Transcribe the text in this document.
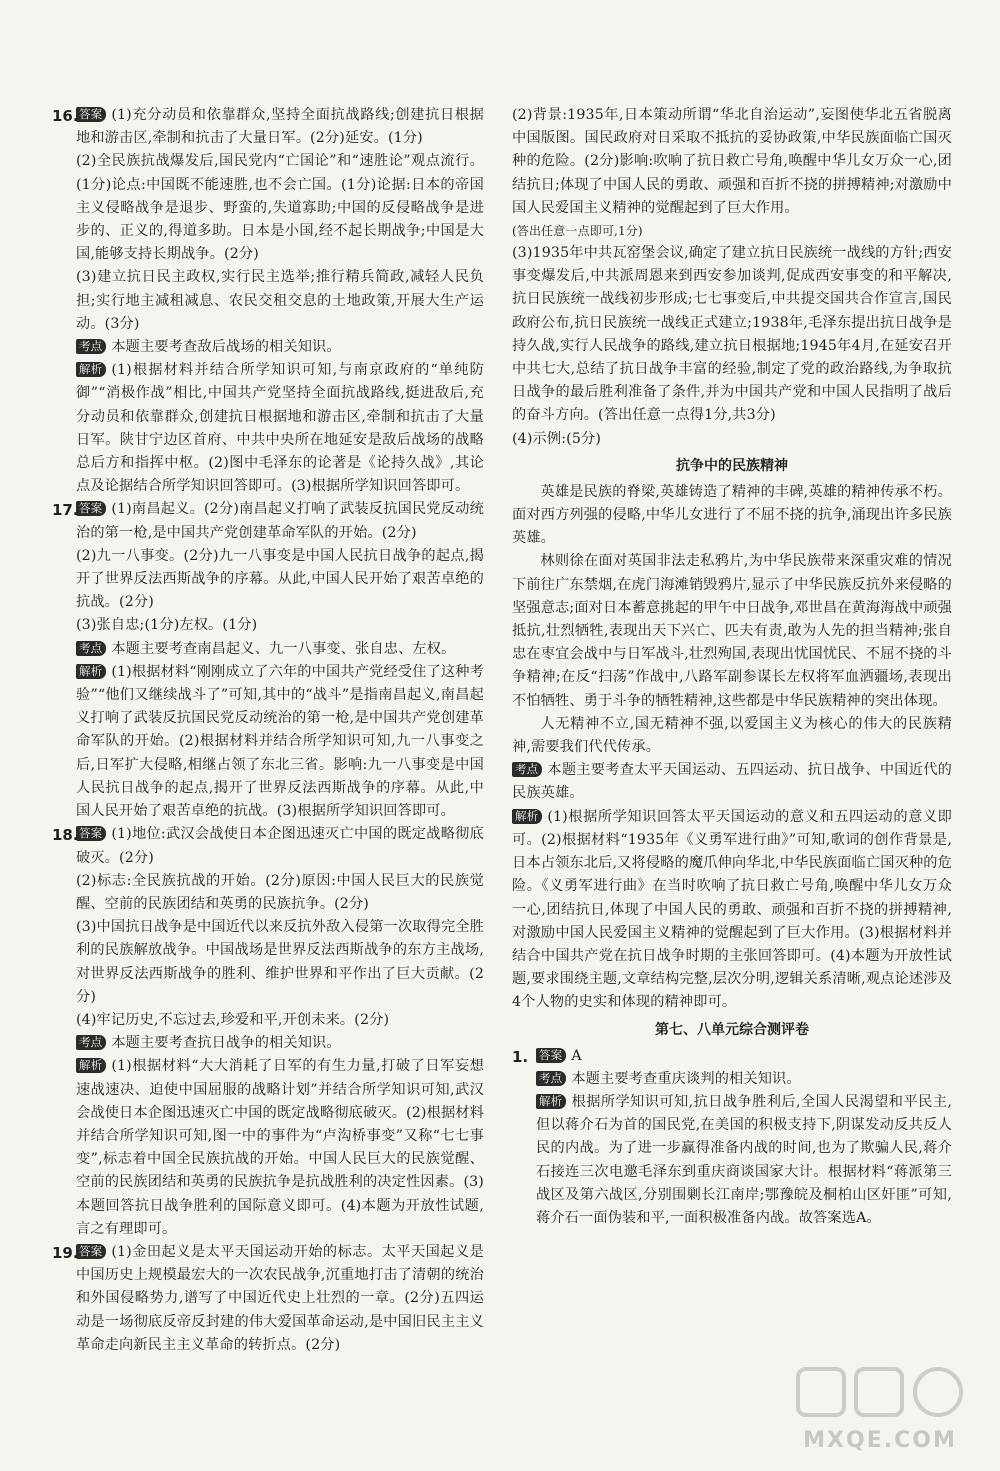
16. 答案 (1)充分动员和依靠群众,坚持全面抗战路线;创建抗日根据地和游击区,牵制和抗击了大量日军。(2分)延安。(1分)

(2)全民族抗战爆发后,国民党内“亡国论”和“速胜论”观点流行。(1分)论点:中国既不能速胜,也不会亡国。(1分)论据:日本的帝国主义侵略战争是退步、野蛮的,失道寡助;中国的反侵略战争是进步的、正义的,得道多助。日本是小国,经不起长期战争;中国是大国,能够支持长期战争。(2分)

(3)建立抗日民主政权,实行民主选举;推行精兵简政,减轻人民负担;实行地主减租减息、农民交租交息的土地政策,开展大生产运动。(3分)

考点 本题主要考查敌后战场的相关知识。

解析 (1)根据材料并结合所学知识可知,与南京政府的“单纯防御”“消极作战”相比,中国共产党坚持全面抗战路线,挺进敌后,充分动员和依靠群众,创建抗日根据地和游击区,牵制和抗击了大量日军。陕甘宁边区首府、中共中央所在地延安是敌后战场的战略总后方和指挥中枢。(2)图中毛泽东的论著是《论持久战》,其论点及论据结合所学知识回答即可。(3)根据所学知识回答即可。

17. 答案 (1)南昌起义。(2分)南昌起义打响了武装反抗国民党反动统治的第一枪,是中国共产党创建革命军队的开始。(2分)

(2)九一八事变。(2分)九一八事变是中国人民抗日战争的起点,揭开了世界反法西斯战争的序幕。从此,中国人民开始了艰苦卓绝的抗战。(2分)

(3)张自忠;(1分)左权。(1分)

考点 本题主要考查南昌起义、九一八事变、张自忠、左权。

解析 (1)根据材料“刚刚成立了六年的中国共产党经受住了这种考验”“他们又继续战斗了”可知,其中的“战斗”是指南昌起义,南昌起义打响了武装反抗国民党反动统治的第一枪,是中国共产党创建革命军队的开始。(2)根据材料并结合所学知识可知,九一八事变之后,日军扩大侵略,相继占领了东北三省。影响:九一八事变是中国人民抗日战争的起点,揭开了世界反法西斯战争的序幕。从此,中国人民开始了艰苦卓绝的抗战。(3)根据所学知识回答即可。

18. 答案 (1)地位:武汉会战使日本企图迅速灭亡中国的既定战略彻底破灭。(2分)

(2)标志:全民族抗战的开始。(2分)原因:中国人民巨大的民族觉醒、空前的民族团结和英勇的民族抗争。(2分)

(3)中国抗日战争是中国近代以来反抗外敌入侵第一次取得完全胜利的民族解放战争。中国战场是世界反法西斯战争的东方主战场,对世界反法西斯战争的胜利、维护世界和平作出了巨大贡献。(2分)

(4)牢记历史,不忘过去,珍爱和平,开创未来。(2分)

考点 本题主要考查抗日战争的相关知识。

解析 (1)根据材料“大大消耗了日军的有生力量,打破了日军妄想速战速决、迫使中国屈服的战略计划”并结合所学知识可知,武汉会战使日本企图迅速灭亡中国的既定战略彻底破灭。(2)根据材料并结合所学知识可知,图一中的事件为“卢沟桥事变”又称“七七事变”,标志着中国全民族抗战的开始。中国人民巨大的民族觉醒、空前的民族团结和英勇的民族抗争是抗战胜利的决定性因素。(3)本题回答抗日战争胜利的国际意义即可。(4)本题为开放性试题,言之有理即可。

19. 答案 (1)金田起义是太平天国运动开始的标志。太平天国起义是中国历史上规模最宏大的一次农民战争,沉重地打击了清朝的统治和外国侵略势力,谱写了中国近代史上壮烈的一章。(2分)五四运动是一场彻底反帝反封建的伟大爱国革命运动,是中国旧民主主义革命走向新民主主义革命的转折点。(2分)

(2)背景:1935年,日本策动所谓“华北自治运动”,妄图使华北五省脱离中国版图。国民政府对日采取不抵抗的妥协政策,中华民族面临亡国灭种的危险。(2分)影响:吹响了抗日救亡号角,唤醒中华儿女万众一心,团结抗日;体现了中国人民的勇敢、顽强和百折不挠的拼搏精神;对激励中国人民爱国主义精神的觉醒起到了巨大作用。

(答出任意一点即可,1分)

(3)1935年中共瓦窑堡会议,确定了建立抗日民族统一战线的方针;西安事变爆发后,中共派周恩来到西安参加谈判,促成西安事变的和平解决,抗日民族统一战线初步形成;七七事变后,中共提交国共合作宣言,国民政府公布,抗日民族统一战线正式建立;1938年,毛泽东提出抗日战争是持久战,实行人民战争的路线,建立抗日根据地;1945年4月,在延安召开中共七大,总结了抗日战争丰富的经验,制定了党的政治路线,为争取抗日战争的最后胜利准备了条件,并为中国共产党和中国人民指明了战后的奋斗方向。(答出任意一点得1分,共3分)

(4)示例:(5分)

抗争中的民族精神

英雄是民族的脊梁,英雄铸造了精神的丰碑,英雄的精神传承不朽。面对西方列强的侵略,中华儿女进行了不屈不挠的抗争,涌现出许多民族英雄。

林则徐在面对英国非法走私鸦片,为中华民族带来深重灾难的情况下前往广东禁烟,在虎门海滩销毁鸦片,显示了中华民族反抗外来侵略的坚强意志;面对日本蓄意挑起的甲午中日战争,邓世昌在黄海海战中顽强抵抗,壮烈牺牲,表现出天下兴亡、匹夫有责,敢为人先的担当精神;张自忠在枣宜会战中与日军战斗,壮烈殉国,表现出忧国忧民、不屈不挠的斗争精神;在反“扫荡”作战中,八路军副参谋长左权将军血洒疆场,表现出不怕牺牲、勇于斗争的牺牲精神,这些都是中华民族精神的突出体现。

人无精神不立,国无精神不强,以爱国主义为核心的伟大的民族精神,需要我们代代传承。

考点 本题主要考查太平天国运动、五四运动、抗日战争、中国近代的民族英雄。

解析 (1)根据所学知识回答太平天国运动的意义和五四运动的意义即可。(2)根据材料“1935年《义勇军进行曲》”可知,歌词的创作背景是,日本占领东北后,又将侵略的魔爪伸向华北,中华民族面临亡国灭种的危险。《义勇军进行曲》在当时吹响了抗日救亡号角,唤醒中华儿女万众一心,团结抗日,体现了中国人民的勇敢、顽强和百折不挠的拼搏精神,对激励中国人民爱国主义精神的觉醒起到了巨大作用。(3)根据材料并结合中国共产党在抗日战争时期的主张回答即可。(4)本题为开放性试题,要求围绕主题,文章结构完整,层次分明,逻辑关系清晰,观点论述涉及4个人物的史实和体现的精神即可。

第七、八单元综合测评卷
1. 答案 A

考点 本题主要考查重庆谈判的相关知识。

解析 根据所学知识可知,抗日战争胜利后,全国人民渴望和平民主,但以蒋介石为首的国民党,在美国的积极支持下,阴谋发动反共反人民的内战。为了进一步赢得准备内战的时间,也为了欺骗人民,蒋介石接连三次电邀毛泽东到重庆商谈国家大计。根据材料“蒋派第三战区及第六战区,分别围剿长江南岸;鄂豫皖及桐柏山区奸匪”可知,蒋介石一面伪装和平,一面积极准备内战。故答案选A。

MXQE.COM
